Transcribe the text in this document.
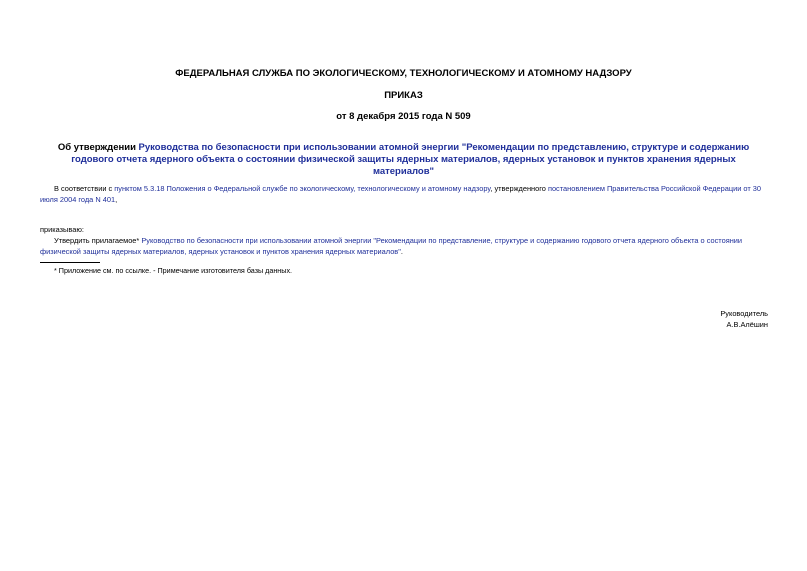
ФЕДЕРАЛЬНАЯ СЛУЖБА ПО ЭКОЛОГИЧЕСКОМУ, ТЕХНОЛОГИЧЕСКОМУ И АТОМНОМУ НАДЗОРУ
ПРИКАЗ
от 8 декабря 2015 года N 509
Об утверждении Руководства по безопасности при использовании атомной энергии "Рекомендации по представлению, структуре и содержанию годового отчета ядерного объекта о состоянии физической защиты ядерных материалов, ядерных установок и пунктов хранения ядерных материалов"
В соответствии с пунктом 5.3.18 Положения о Федеральной службе по экологическому, технологическому и атомному надзору, утвержденного постановлением Правительства Российской Федерации от 30 июля 2004 года N 401,
приказываю:
Утвердить прилагаемое* Руководство по безопасности при использовании атомной энергии "Рекомендации по представление, структуре и содержанию годового отчета ядерного объекта о состоянии физической защиты ядерных материалов, ядерных установок и пунктов хранения ядерных материалов".
* Приложение см. по ссылке. - Примечание изготовителя базы данных.
Руководитель
А.В.Алёшин
